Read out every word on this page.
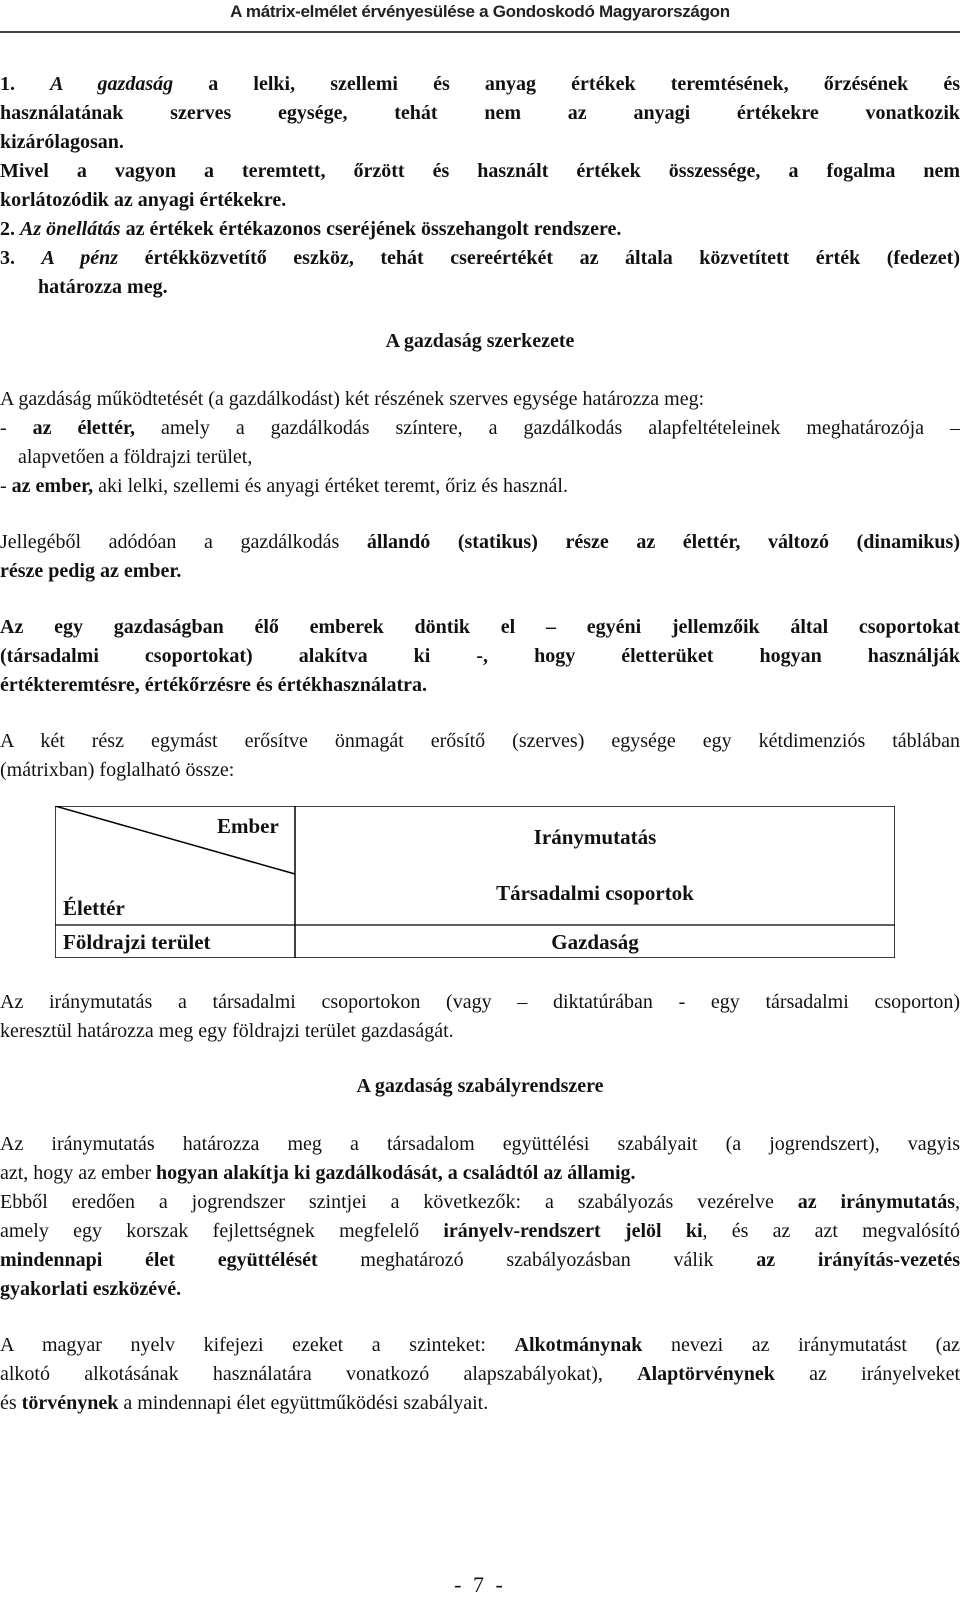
A mátrix-elmélet érvényesülése a Gondoskodó Magyarországon
1. A gazdaság a lelki, szellemi és anyag értékek teremtésének, őrzésének és
használatának szerves egysége, tehát nem az anyagi értékekre vonatkozik
kizárólagosan.
Mivel a vagyon a teremtett, őrzött és használt értékek összessége, a fogalma nem
korlátozódik az anyagi értékekre.
2. Az önellátás az értékek értékazonos cseréjének összehangolt rendszere.
3. A pénz értékközvetítő eszköz, tehát csereértékét az általa közvetített érték (fedezet)
határozza meg.
A gazdaság szerkezete
A gazdáság működtetését (a gazdálkodást) két részének szerves egysége határozza meg:
- az élettér, amely a gazdálkodás színtere, a gazdálkodás alapfeltételeinek meghatározója –
alapvetően a földrajzi terület,
- az ember, aki lelki, szellemi és anyagi értéket teremt, őriz és használ.
Jellegéből adódóan a gazdálkodás állandó (statikus) része az élettér, változó (dinamikus)
része pedig az ember.
Az egy gazdaságban élő emberek döntik el – egyéni jellemzőik által csoportokat
(társadalmi csoportokat) alakítva ki -, hogy életterüket hogyan használják
értékteremtésre, értékőrzésre és értékhasználatra.
A két rész egymást erősítve önmagát erősítő (szerves) egysége egy kétdimenziós táblában
(mátrixban) foglalható össze:
Ember
Élettér
Földrajzi terület
Iránymutatás
Társadalmi csoportok
Gazdaság
Az iránymutatás a társadalmi csoportokon (vagy – diktatúrában - egy társadalmi csoporton)
keresztül határozza meg egy földrajzi terület gazdaságát.
A gazdaság szabályrendszere
Az iránymutatás határozza meg a társadalom együttélési szabályait (a jogrendszert), vagyis
azt, hogy az ember hogyan alakítja ki gazdálkodását, a családtól az államig.
Ebből eredően a jogrendszer szintjei a következők: a szabályozás vezérelve az iránymutatás,
amely egy korszak fejlettségnek megfelelő irányelv-rendszert jelöl ki, és az azt megvalósító
mindennapi élet együttélését meghatározó szabályozásban válik az irányítás-vezetés
gyakorlati eszközévé.
A magyar nyelv kifejezi ezeket a szinteket: Alkotmánynak nevezi az iránymutatást (az
alkotó alkotásának használatára vonatkozó alapszabályokat), Alaptörvénynek az irányelveket
és törvénynek a mindennapi élet együttműködési szabályait.
- 7 -
